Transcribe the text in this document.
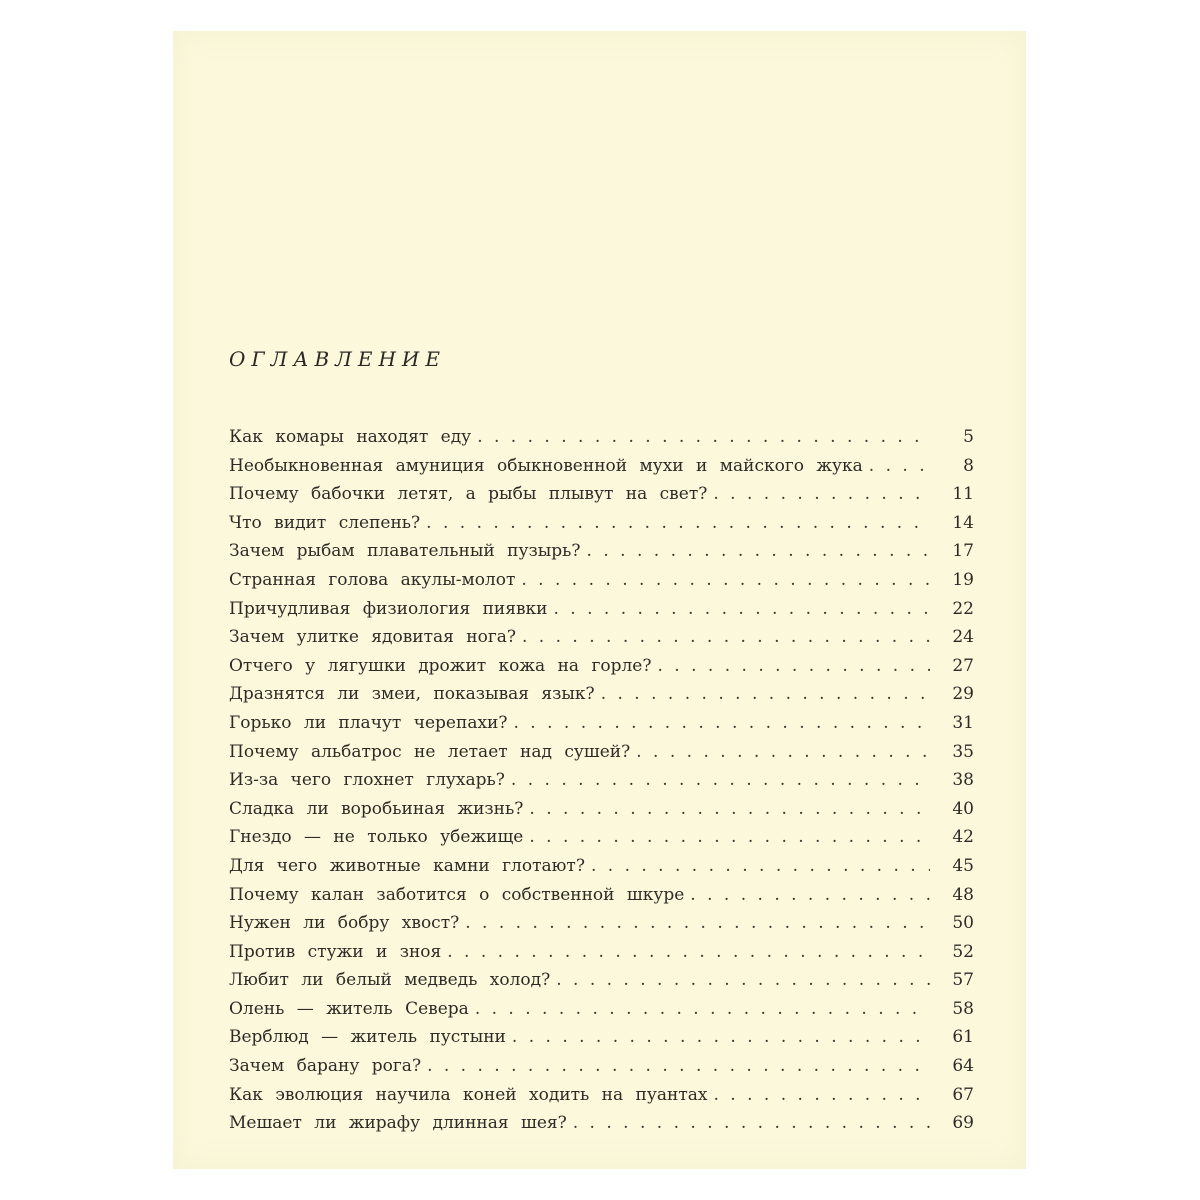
ОГЛАВЛЕНИЕ
Как комары находят еду . . .	5
Необыкновенная амуниция обыкновенной мухи и майского жука . . .	8
Почему бабочки летят, а рыбы плывут на свет? . . .	11
Что видит слепень? . . .	14
Зачем рыбам плавательный пузырь? . . .	17
Странная голова акулы-молот . . .	19
Причудливая физиология пиявки . . .	22
Зачем улитке ядовитая нога? . . .	24
Отчего у лягушки дрожит кожа на горле? . . .	27
Дразнятся ли змеи, показывая язык? . . .	29
Горько ли плачут черепахи? . . .	31
Почему альбатрос не летает над сушей? . . .	35
Из-за чего глохнет глухарь? . . .	38
Сладка ли воробьиная жизнь? . . .	40
Гнездо — не только убежище . . .	42
Для чего животные камни глотают? . . .	45
Почему калан заботится о собственной шкуре . . .	48
Нужен ли бобру хвост? . . .	50
Против стужи и зноя . . .	52
Любит ли белый медведь холод? . . .	57
Олень — житель Севера . . .	58
Верблюд — житель пустыни . . .	61
Зачем барану рога? . . .	64
Как эволюция научила коней ходить на пуантах . . .	67
Мешает ли жирафу длинная шея? . . .	69
